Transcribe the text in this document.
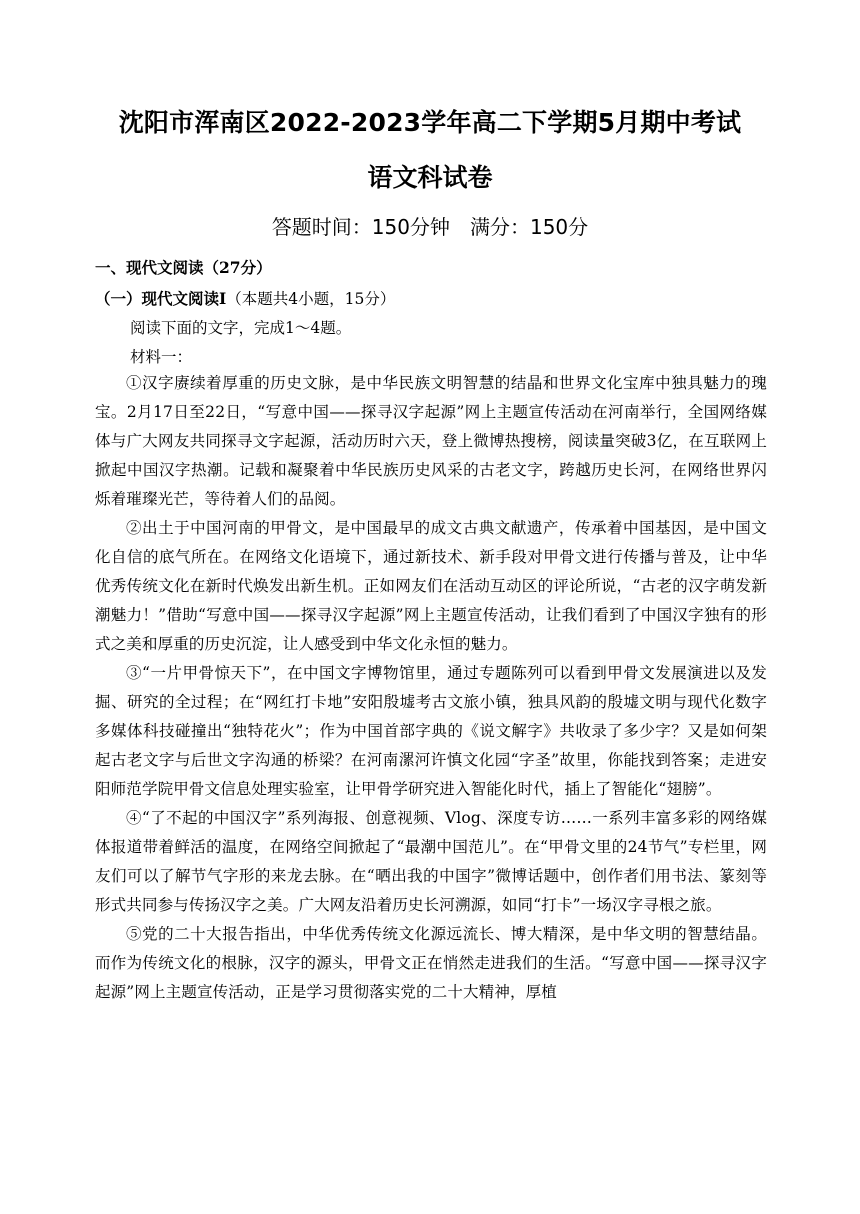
沈阳市浑南区2022-2023学年高二下学期5月期中考试
语文科试卷
答题时间：150分钟　满分：150分
一、现代文阅读（27分）
（一）现代文阅读Ⅰ（本题共4小题，15分）
阅读下面的文字，完成1～4题。
材料一：

①汉字赓续着厚重的历史文脉，是中华民族文明智慧的结晶和世界文化宝库中独具魅力的瑰宝。2月17日至22日，“写意中国——探寻汉字起源”网上主题宣传活动在河南举行，全国网络媒体与广大网友共同探寻文字起源，活动历时六天，登上微博热搜榜，阅读量突破3亿，在互联网上掀起中国汉字热潮。记载和凝聚着中华民族历史风采的古老文字，跨越历史长河，在网络世界闪烁着璀璨光芒，等待着人们的品阅。

②出土于中国河南的甲骨文，是中国最早的成文古典文献遗产，传承着中国基因，是中国文化自信的底气所在。在网络文化语境下，通过新技术、新手段对甲骨文进行传播与普及，让中华优秀传统文化在新时代焕发出新生机。正如网友们在活动互动区的评论所说，“古老的汉字萌发新潮魅力！”借助“写意中国——探寻汉字起源”网上主题宣传活动，让我们看到了中国汉字独有的形式之美和厚重的历史沉淀，让人感受到中华文化永恒的魅力。

③“一片甲骨惊天下”，在中国文字博物馆里，通过专题陈列可以看到甲骨文发展演进以及发掘、研究的全过程；在“网红打卡地”安阳殷墟考古文旅小镇，独具风韵的殷墟文明与现代化数字多媒体科技碰撞出“独特花火”；作为中国首部字典的《说文解字》共收录了多少字？又是如何架起古老文字与后世文字沟通的桥梁？在河南漯河许慎文化园“字圣”故里，你能找到答案；走进安阳师范学院甲骨文信息处理实验室，让甲骨学研究进入智能化时代，插上了智能化“翅膀”。

④“了不起的中国汉字”系列海报、创意视频、Vlog、深度专访……一系列丰富多彩的网络媒体报道带着鲜活的温度，在网络空间掀起了“最潮中国范儿”。在“甲骨文里的24节气”专栏里，网友们可以了解节气字形的来龙去脉。在“晒出我的中国字”微博话题中，创作者们用书法、篆刻等形式共同参与传扬汉字之美。广大网友沿着历史长河溯源，如同“打卡”一场汉字寻根之旅。

⑤党的二十大报告指出，中华优秀传统文化源远流长、博大精深，是中华文明的智慧结晶。而作为传统文化的根脉，汉字的源头，甲骨文正在悄然走进我们的生活。“写意中国——探寻汉字起源”网上主题宣传活动，正是学习贯彻落实党的二十大精神，厚植
